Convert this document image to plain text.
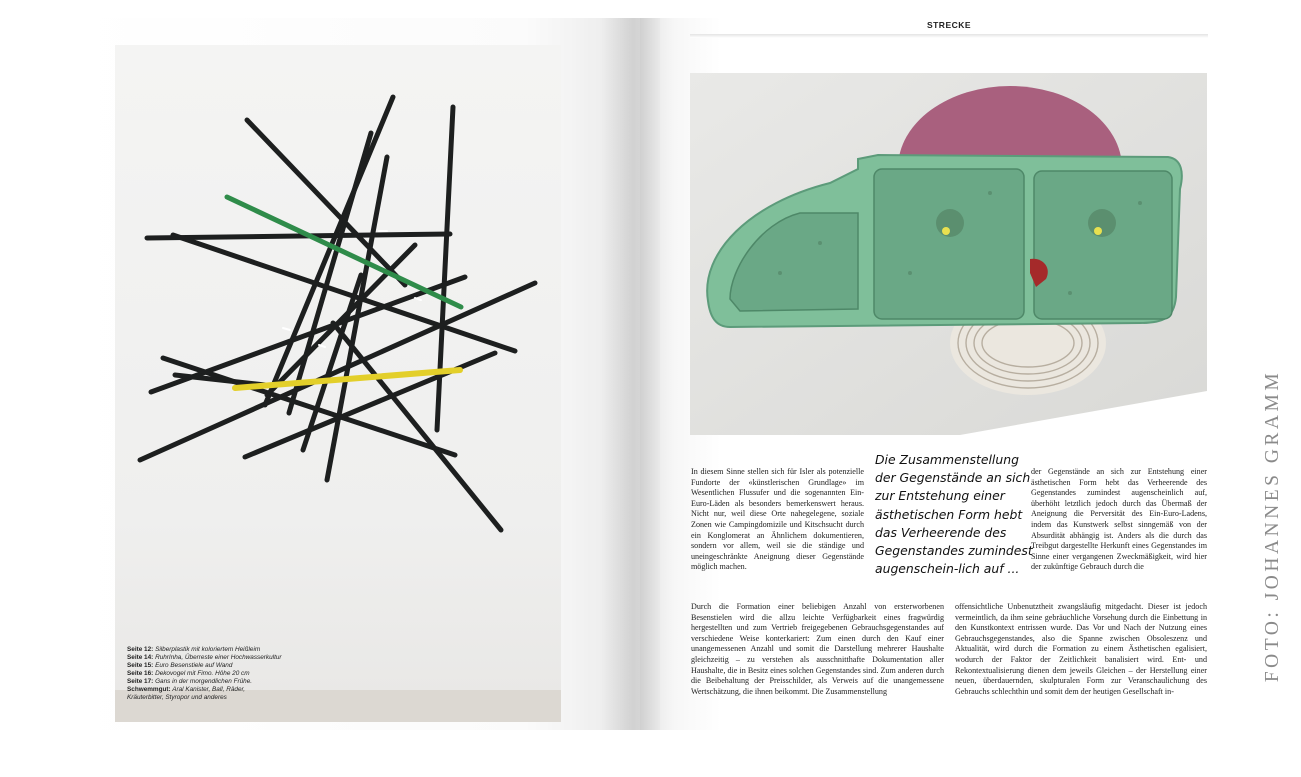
Seite 12: Silberplastik mit koloriertem Heißleim
Seite 14: RuhrInha, Überreste einer Hochwasserkultur
Seite 15: Euro Besenstiele auf Wand
Seite 16: Dekovogel mit Fimo. Höhe 20 cm
Seite 17: Gans in der morgendlichen Frühe.
Schwemmgut: Aral Kanister, Ball, Räder,
Kräuterbitter, Styropor und anderes
STRECKE
Die Zusammenstellung der Gegenstände an sich zur Entstehung einer ästhetischen Form hebt das Verheerende des Gegenstandes zumindest augenschein-lich auf ...
In diesem Sinne stellen sich für Isler als potenzielle Fundorte der «künstlerischen Grundlage» im Wesentlichen Flussufer und die sogenannten Ein-Euro-Läden als besonders bemerkenswert heraus. Nicht nur, weil diese Orte nahegelegene, soziale Zonen wie Campingdomizile und Kitschsucht durch ein Konglomerat an Ähnlichem dokumentieren, sondern vor allem, weil sie die ständige und uneingeschränkte Aneignung dieser Gegenstände möglich machen.
der Gegenstände an sich zur Entstehung einer ästhetischen Form hebt das Verheerende des Gegenstandes zumindest augenscheinlich auf, überhöht letztlich jedoch durch das Übermaß der Aneignung die Perversität des Ein-Euro-Ladens, indem das Kunstwerk selbst sinngemäß von der Absurdität abhängig ist. Anders als die durch das Treibgut dargestellte Herkunft eines Gegenstandes im Sinne einer vergangenen Zweckmäßigkeit, wird hier der zukünftige Gebrauch durch die
Durch die Formation einer beliebigen Anzahl von ersterworbenen Besenstielen wird die allzu leichte Verfügbarkeit eines fragwürdig hergestellten und zum Vertrieb freigegebenen Gebrauchsgegenstandes auf verschiedene Weise konterkariert: Zum einen durch den Kauf einer unangemessenen Anzahl und somit die Darstellung mehrerer Haushalte gleichzeitig – zu verstehen als ausschnitthafte Dokumentation aller Haushalte, die in Besitz eines solchen Gegenstandes sind. Zum anderen durch die Beibehaltung der Preisschilder, als Verweis auf die unangemessene Wertschätzung, die ihnen beikommt. Die Zusammenstellung
offensichtliche Unbenutztheit zwangsläufig mitgedacht. Dieser ist jedoch vermeintlich, da ihm seine gebräuchliche Vorsehung durch die Einbettung in den Kunstkontext entrissen wurde. Das Vor und Nach der Nutzung eines Gebrauchsgegenstandes, also die Spanne zwischen Obsoleszenz und Aktualität, wird durch die Formation zu einem Ästhetischen egalisiert, wodurch der Faktor der Zeitlichkeit banalisiert wird. Ent- und Rekontextualisierung dienen dem jeweils Gleichen – der Herstellung einer neuen, überdauernden, skulpturalen Form zur Veranschaulichung des Gebrauchs schlechthin und somit dem der heutigen Gesellschaft in-
FOTO: JOHANNES GRAMM
